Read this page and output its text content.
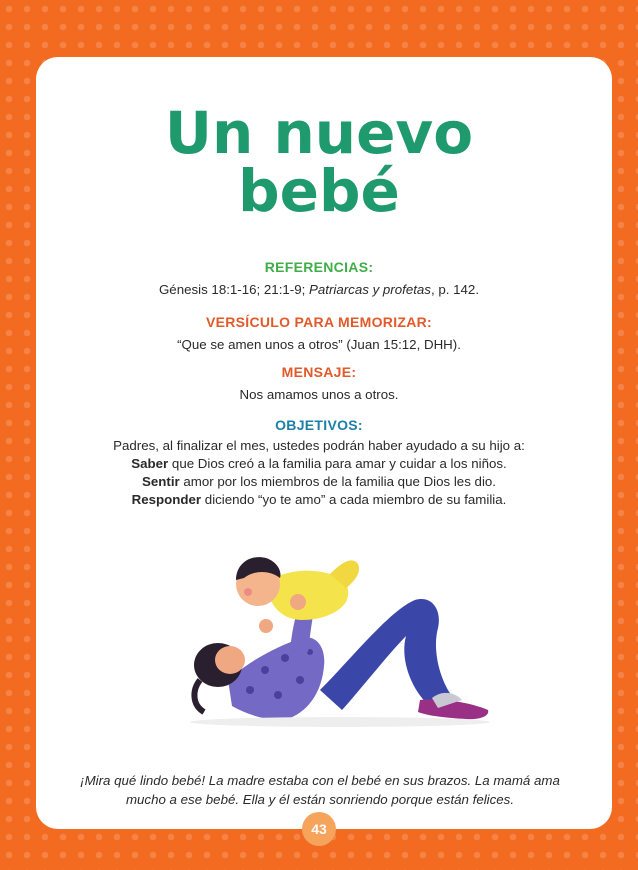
Un nuevo
bebé
REFERENCIAS:
Génesis 18:1-16; 21:1-9; Patriarcas y profetas, p. 142.
VERSÍCULO PARA MEMORIZAR:
“Que se amen unos a otros” (Juan 15:12, DHH).
MENSAJE:
Nos amamos unos a otros.
OBJETIVOS:
Padres, al finalizar el mes, ustedes podrán haber ayudado a su hijo a:
Saber que Dios creó a la familia para amar y cuidar a los niños.
Sentir amor por los miembros de la familia que Dios les dio.
Responder diciendo “yo te amo” a cada miembro de su familia.
¡Mira qué lindo bebé! La madre estaba con el bebé en sus brazos. La mamá ama mucho a ese bebé. Ella y él están sonriendo porque están felices.
43
